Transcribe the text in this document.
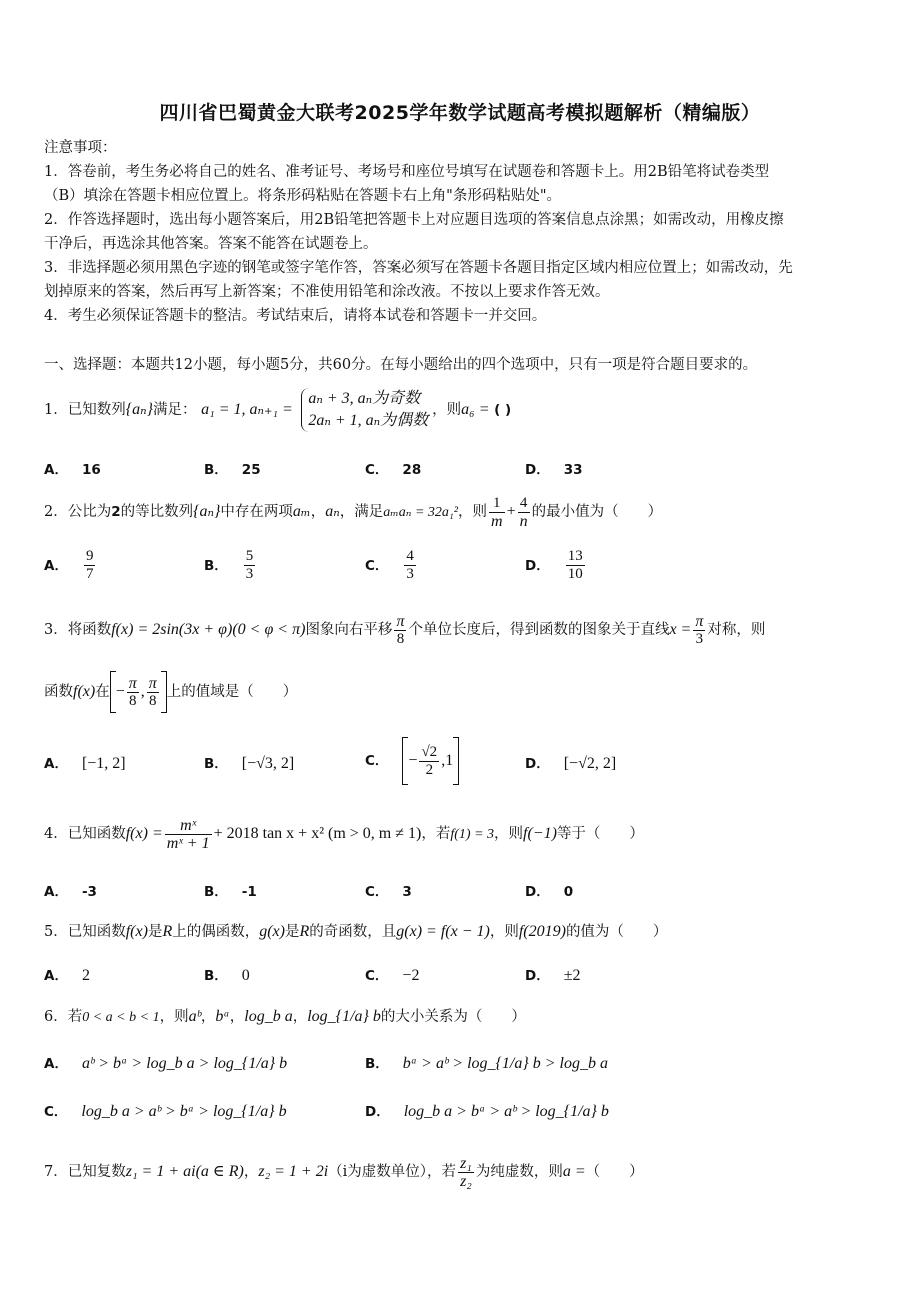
四川省巴蜀黄金大联考2025学年数学试题高考模拟题解析（精编版）
注意事项：
1．答卷前，考生务必将自己的姓名、准考证号、考场号和座位号填写在试题卷和答题卡上。用2B铅笔将试卷类型
（B）填涂在答题卡相应位置上。将条形码粘贴在答题卡右上角"条形码粘贴处"。
2．作答选择题时，选出每小题答案后，用2B铅笔把答题卡上对应题目选项的答案信息点涂黑；如需改动，用橡皮擦
干净后，再选涂其他答案。答案不能答在试题卷上。
3．非选择题必须用黑色字迹的钢笔或签字笔作答，答案必须写在答题卡各题目指定区域内相应位置上；如需改动，先
划掉原来的答案，然后再写上新答案；不准使用铅笔和涂改液。不按以上要求作答无效。
4．考生必须保证答题卡的整洁。考试结束后，请将本试卷和答题卡一并交回。
一、选择题：本题共12小题，每小题5分，共60分。在每小题给出的四个选项中，只有一项是符合题目要求的。
1．已知数列{aₙ}满足： a₁ = 1, aₙ₊₁ =
aₙ + 3, aₙ为奇数
2aₙ + 1, aₙ为偶数
，则a₆ = ( )
A． 16	B． 25	C． 28	D． 33
2．公比为2的等比数列{aₙ}中存在两项aₘ，aₙ，满足aₘaₙ = 32a₁²，则 $\frac{1}{m} + \frac{4}{n}$ 的最小值为（　　）
A． $\frac{9}{7}$	B． $\frac{5}{3}$	C． $\frac{4}{3}$	D． $\frac{13}{10}$
3．将函数f(x) = 2sin(3x + φ)(0 < φ < π)图象向右平移 $\frac{\pi}{8}$ 个单位长度后，得到函数的图象关于直线$x = \frac{\pi}{3}$ 对称，则
函数f(x)在 − $\frac{\pi}{8}$ , $\frac{\pi}{8}$ 上的值域是（　　）
A． [−1, 2]	B． [−√3, 2]	C． − $\frac{√2}{2} ,1$	D． [−√2, 2]
4．已知函数$f(x) = \frac{\text{mˣ}}{\text{mˣ + 1}} + 2018$ tan x + x² (m > 0, m ≠ 1)，若f(1) = 3，则f(−1)等于（　　）
A． -3	B． -1	C． 3	D． 0
5．已知函数f(x)是R上的偶函数，g(x)是R的奇函数，且g(x) = f(x − 1)，则f(2019)的值为（　　）
A． 2	B． 0	C． −2	D． ±2
6．若0 < a < b < 1，则aᵇ，bᵃ，log_b a，log_{1/a} b的大小关系为（　　）
A． aᵇ > bᵃ > log_b a > log_{1/a} b	B． bᵃ > aᵇ > log_{1/a} b > log_b a
C． log_b a > aᵇ > bᵃ > log_{1/a} b	D． log_b a > bᵃ > aᵇ > log_{1/a} b
7．已知复数z₁ = 1 + ai(a ∈ R)，z₂ = 1 + 2i（i为虚数单位），若 $\frac{\text{z₁}}{\text{z₂}}$ 为纯虚数，则a =（　　）
